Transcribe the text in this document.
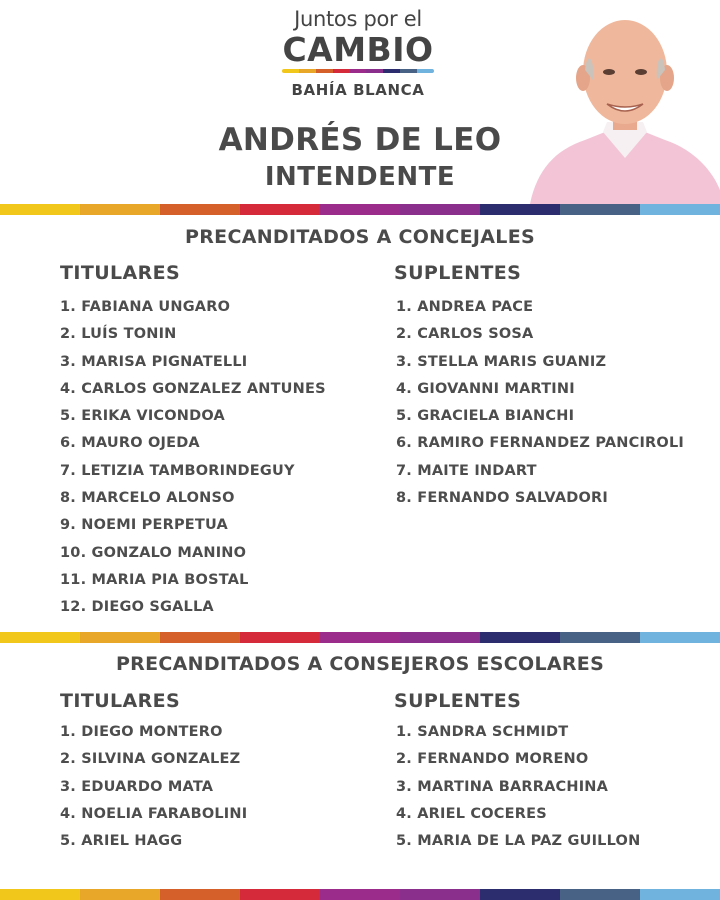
Juntos por el
CAMBIO
BAHÍA BLANCA
ANDRÉS DE LEO
INTENDENTE
PRECANDITADOS A CONCEJALES
TITULARES	SUPLENTES
1. FABIANA UNGARO
2. LUÍS TONIN
3. MARISA PIGNATELLI
4. CARLOS GONZALEZ ANTUNES
5. ERIKA VICONDOA
6. MAURO OJEDA
7. LETIZIA TAMBORINDEGUY
8. MARCELO ALONSO
9. NOEMI PERPETUA
10. GONZALO MANINO
11. MARIA PIA BOSTAL
12. DIEGO SGALLA
1. ANDREA PACE
2. CARLOS SOSA
3. STELLA MARIS GUANIZ
4. GIOVANNI MARTINI
5. GRACIELA BIANCHI
6. RAMIRO FERNANDEZ PANCIROLI
7. MAITE INDART
8. FERNANDO SALVADORI
PRECANDITADOS A CONSEJEROS ESCOLARES
TITULARES	SUPLENTES
1. DIEGO MONTERO
2. SILVINA GONZALEZ
3. EDUARDO MATA
4. NOELIA FARABOLINI
5. ARIEL HAGG
1. SANDRA SCHMIDT
2. FERNANDO MORENO
3. MARTINA BARRACHINA
4. ARIEL COCERES
5. MARIA DE LA PAZ GUILLON
